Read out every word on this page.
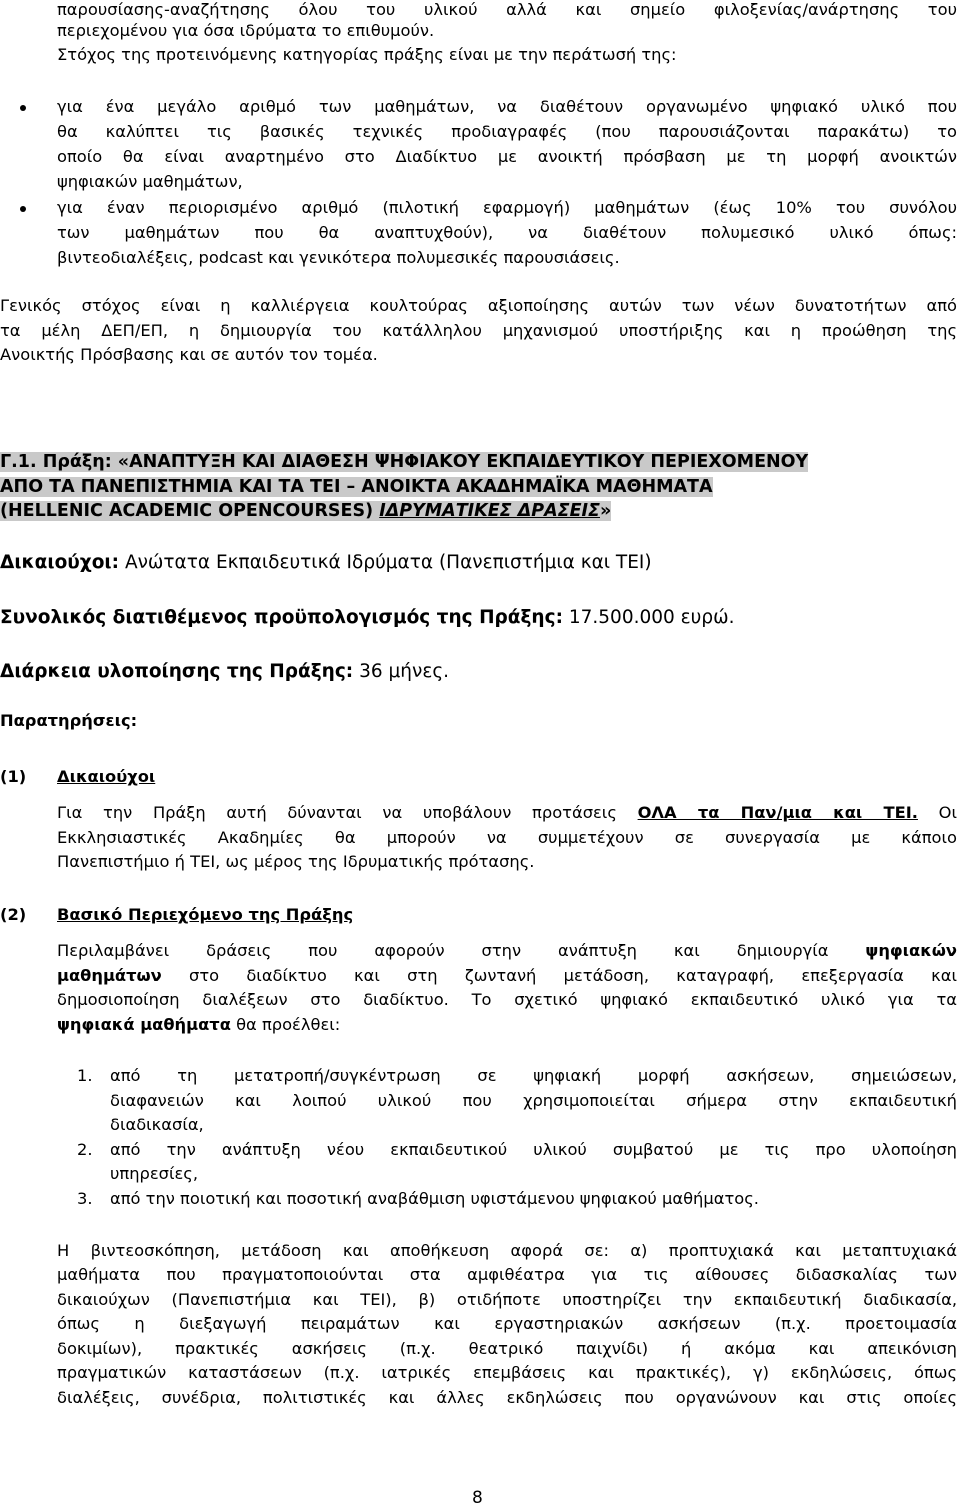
παρουσίασης-αναζήτησης όλου του υλικού αλλά και σημείο φιλοξενίας/ανάρτησης του
περιεχομένου για όσα ιδρύματα το επιθυμούν.
Στόχος της προτεινόμενης κατηγορίας πράξης είναι με την περάτωσή της:
για ένα μεγάλο αριθμό των μαθημάτων, να διαθέτουν οργανωμένο ψηφιακό υλικό που
θα καλύπτει τις βασικές τεχνικές προδιαγραφές (που παρουσιάζονται παρακάτω) το
οποίο θα είναι αναρτημένο στο Διαδίκτυο με ανοικτή πρόσβαση με τη μορφή ανοικτών
ψηφιακών μαθημάτων,
για έναν περιορισμένο αριθμό (πιλοτική εφαρμογή) μαθημάτων (έως 10% του συνόλου
των μαθημάτων που θα αναπτυχθούν), να διαθέτουν πολυμεσικό υλικό όπως:
βιντεοδιαλέξεις, podcast και γενικότερα πολυμεσικές παρουσιάσεις.
Γενικός στόχος είναι η καλλιέργεια κουλτούρας αξιοποίησης αυτών των νέων δυνατοτήτων από
τα μέλη ΔΕΠ/ΕΠ, η δημιουργία του κατάλληλου μηχανισμού υποστήριξης και η προώθηση της
Ανοικτής Πρόσβασης και σε αυτόν τον τομέα.
Γ.1. Πράξη: «ΑΝΑΠΤΥΞΗ ΚΑΙ ΔΙΑΘΕΣΗ ΨΗΦΙΑΚΟΥ ΕΚΠΑΙΔΕΥΤΙΚΟΥ ΠΕΡΙΕΧΟΜΕΝΟΥ
ΑΠΟ ΤΑ ΠΑΝΕΠΙΣΤΗΜΙΑ ΚΑΙ ΤΑ ΤΕΙ – ΑΝΟΙΚΤΑ ΑΚΑΔΗΜΑΪΚΑ ΜΑΘΗΜΑΤΑ
(HELLENIC ACADEMIC OPENCOURSES) ΙΔΡΥΜΑΤΙΚΕΣ ΔΡΑΣΕΙΣ»
Δικαιούχοι: Ανώτατα Εκπαιδευτικά Ιδρύματα (Πανεπιστήμια και ΤΕΙ)
Συνολικός διατιθέμενος προϋπολογισμός της Πράξης: 17.500.000 ευρώ.
Διάρκεια υλοποίησης της Πράξης: 36 μήνες.
Παρατηρήσεις:
(1) Δικαιούχοι
Για την Πράξη αυτή δύνανται να υποβάλουν προτάσεις ΟΛΑ τα Παν/μια και ΤΕΙ. Οι
Εκκλησιαστικές Ακαδημίες θα μπορούν να συμμετέχουν σε συνεργασία με κάποιο
Πανεπιστήμιο ή ΤΕΙ, ως μέρος της Ιδρυματικής πρότασης.
(2) Βασικό Περιεχόμενο της Πράξης
Περιλαμβάνει δράσεις που αφορούν στην ανάπτυξη και δημιουργία ψηφιακών
μαθημάτων στο διαδίκτυο και στη ζωντανή μετάδοση, καταγραφή, επεξεργασία και
δημοσιοποίηση διαλέξεων στο διαδίκτυο. Το σχετικό ψηφιακό εκπαιδευτικό υλικό για τα
ψηφιακά μαθήματα θα προέλθει:
1. από τη μετατροπή/συγκέντρωση σε ψηφιακή μορφή ασκήσεων, σημειώσεων,
διαφανειών και λοιπού υλικού που χρησιμοποιείται σήμερα στην εκπαιδευτική
διαδικασία,
2. από την ανάπτυξη νέου εκπαιδευτικού υλικού συμβατού με τις προ υλοποίηση
υπηρεσίες,
3. από την ποιοτική και ποσοτική αναβάθμιση υφιστάμενου ψηφιακού μαθήματος.
Η βιντεοσκόπηση, μετάδοση και αποθήκευση αφορά σε: α) προπτυχιακά και μεταπτυχιακά
μαθήματα που πραγματοποιούνται στα αμφιθέατρα για τις αίθουσες διδασκαλίας των
δικαιούχων (Πανεπιστήμια και ΤΕΙ), β) οτιδήποτε υποστηρίζει την εκπαιδευτική διαδικασία,
όπως η διεξαγωγή πειραμάτων και εργαστηριακών ασκήσεων (π.χ. προετοιμασία
δοκιμίων), πρακτικές ασκήσεις (π.χ. θεατρικό παιχνίδι) ή ακόμα και απεικόνιση
πραγματικών καταστάσεων (π.χ. ιατρικές επεμβάσεις και πρακτικές), γ) εκδηλώσεις, όπως
διαλέξεις, συνέδρια, πολιτιστικές και άλλες εκδηλώσεις που οργανώνουν και στις οποίες
8
